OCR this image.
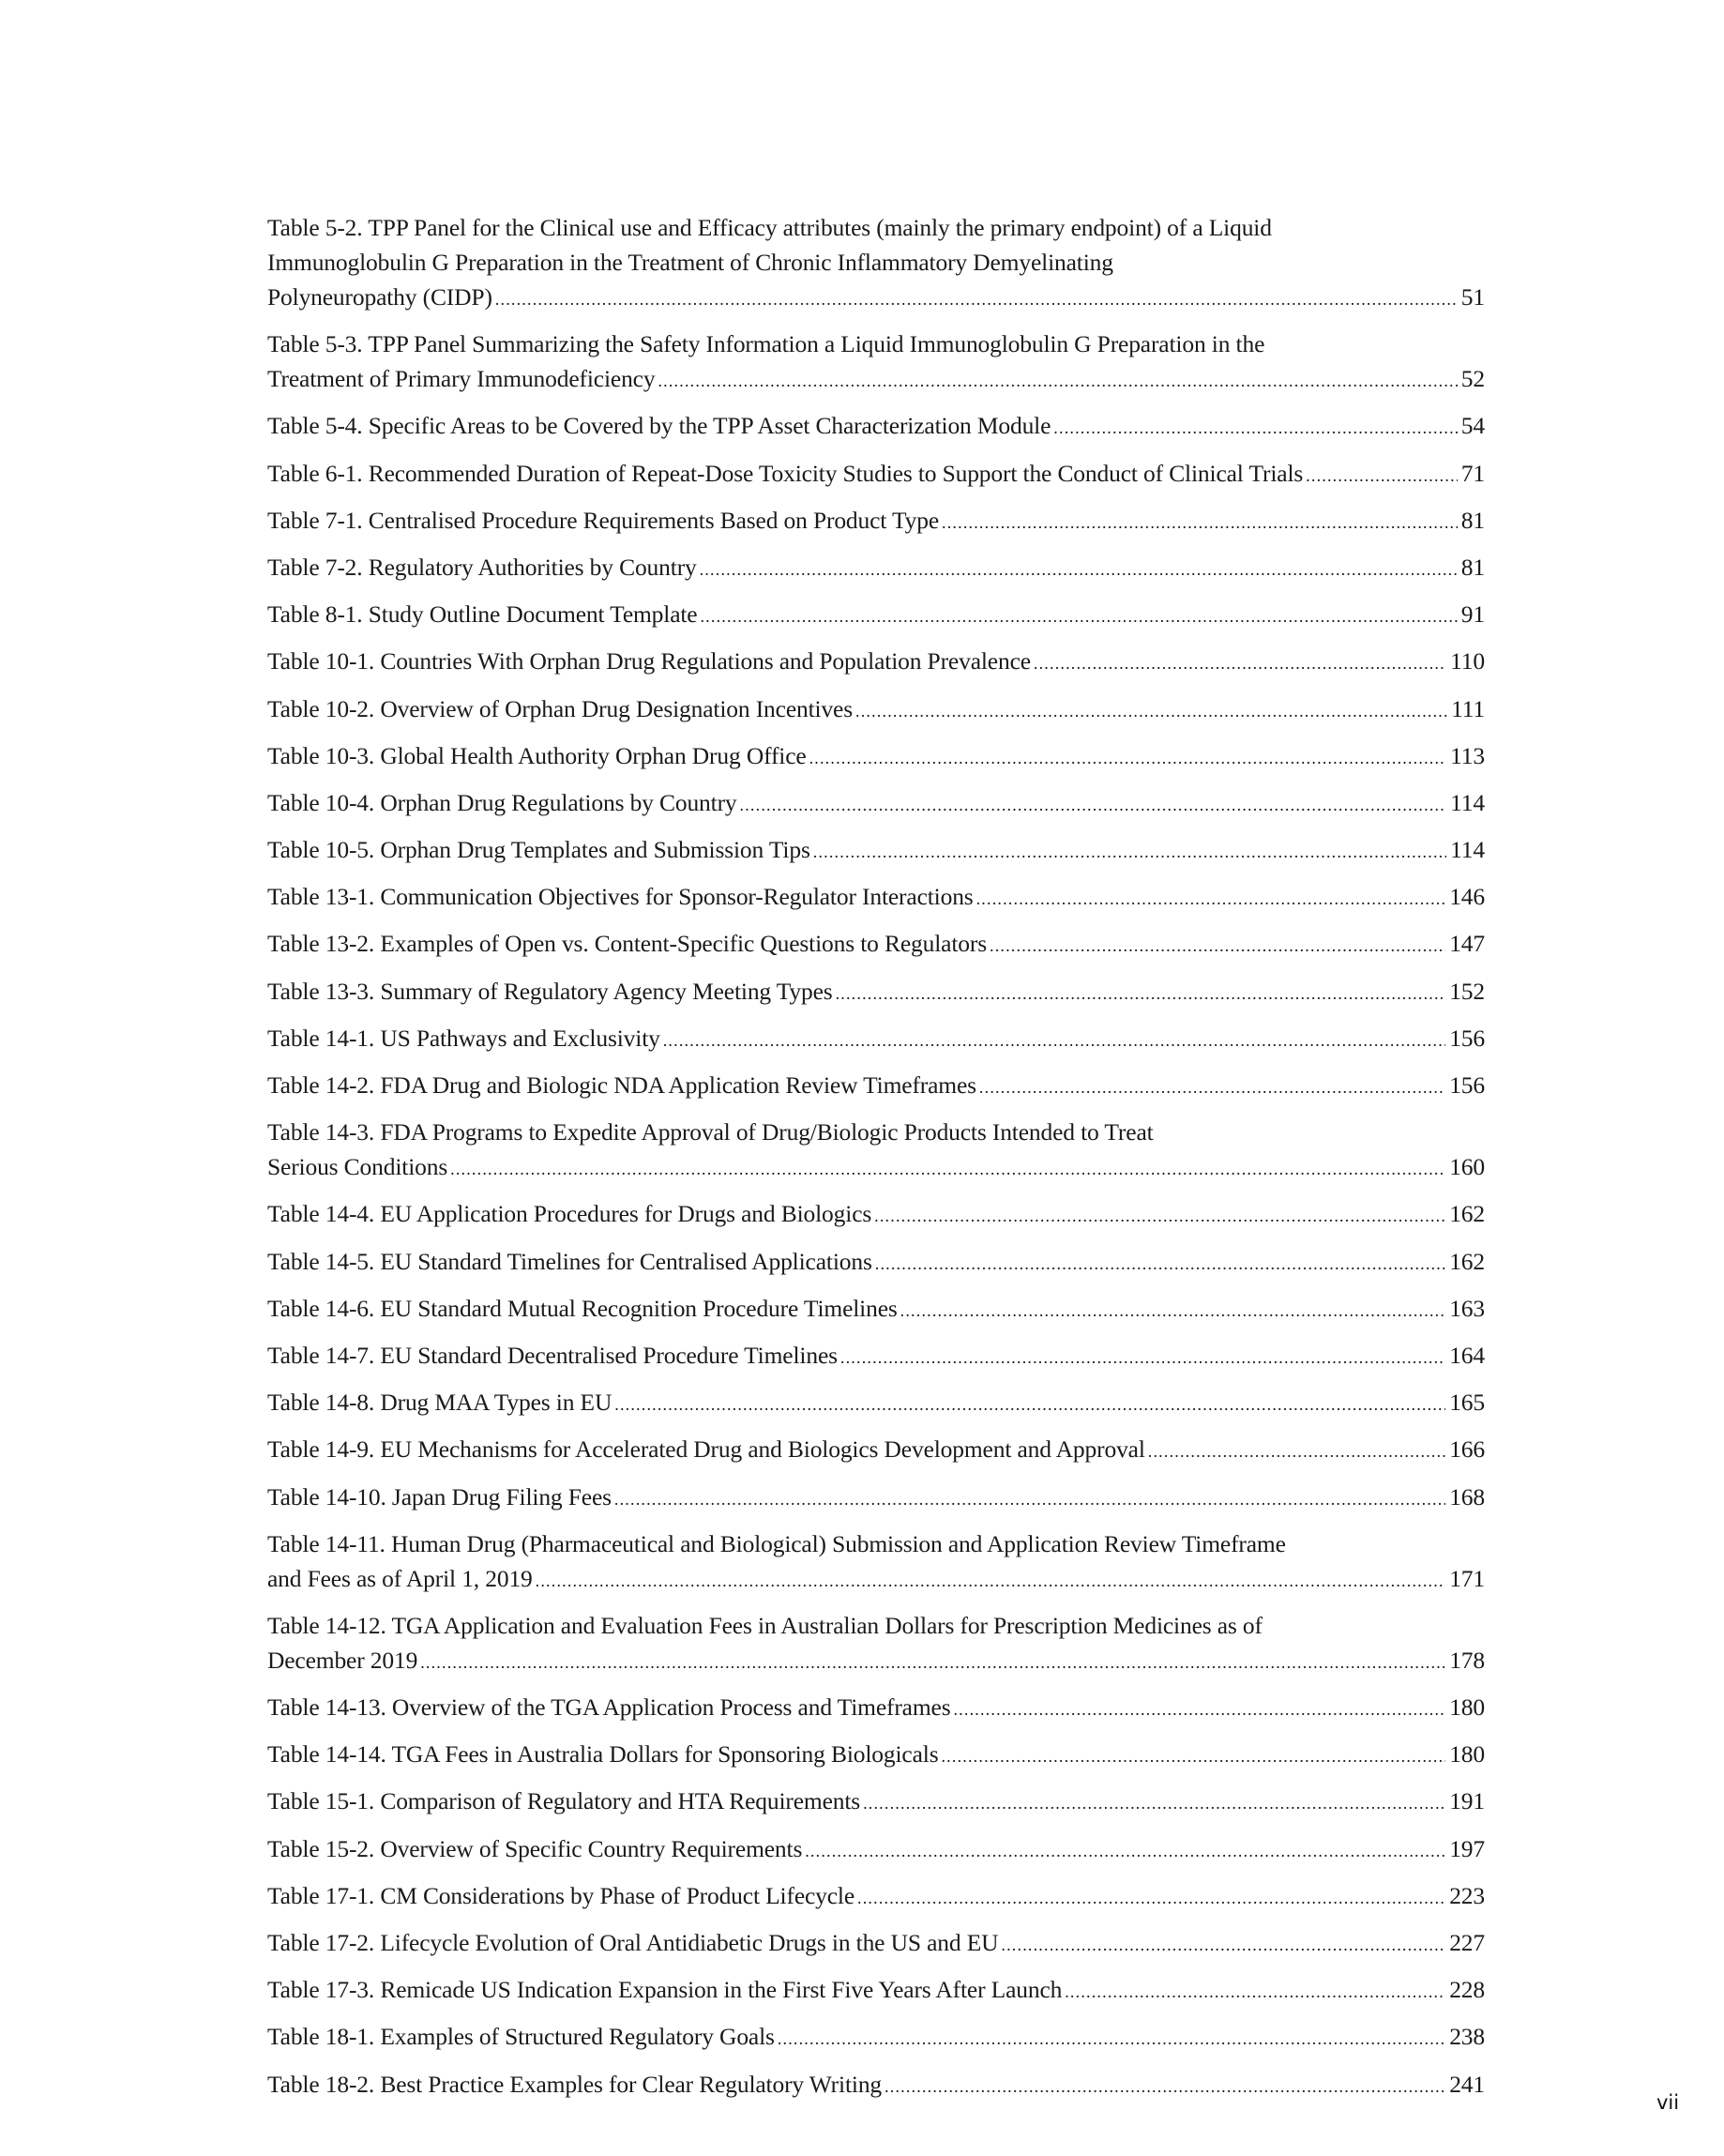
Table 5-2. TPP Panel for the Clinical use and Efficacy attributes (mainly the primary endpoint) of a Liquid
Immunoglobulin G Preparation in the Treatment of Chronic Inflammatory Demyelinating
Polyneuropathy (CIDP) .....	51
Table 5-3. TPP Panel Summarizing the Safety Information a Liquid Immunoglobulin G Preparation in the
Treatment of Primary Immunodeficiency .....	52
Table 5-4. Specific Areas to be Covered by the TPP Asset Characterization Module .....	54
Table 6-1. Recommended Duration of Repeat-Dose Toxicity Studies to Support the Conduct of Clinical Trials .....	71
Table 7-1. Centralised Procedure Requirements Based on Product Type .....	81
Table 7-2. Regulatory Authorities by Country .....	81
Table 8-1. Study Outline Document Template .....	91
Table 10-1. Countries With Orphan Drug Regulations and Population Prevalence .....	110
Table 10-2. Overview of Orphan Drug Designation Incentives .....	111
Table 10-3. Global Health Authority Orphan Drug Office .....	113
Table 10-4. Orphan Drug Regulations by Country .....	114
Table 10-5. Orphan Drug Templates and Submission Tips .....	114
Table 13-1. Communication Objectives for Sponsor-Regulator Interactions .....	146
Table 13-2. Examples of Open vs. Content-Specific Questions to Regulators .....	147
Table 13-3. Summary of Regulatory Agency Meeting Types .....	152
Table 14-1. US Pathways and Exclusivity .....	156
Table 14-2. FDA Drug and Biologic NDA Application Review Timeframes .....	156
Table 14-3. FDA Programs to Expedite Approval of Drug/Biologic Products Intended to Treat
Serious Conditions .....	160
Table 14-4. EU Application Procedures for Drugs and Biologics .....	162
Table 14-5. EU Standard Timelines for Centralised Applications .....	162
Table 14-6. EU Standard Mutual Recognition Procedure Timelines .....	163
Table 14-7. EU Standard Decentralised Procedure Timelines .....	164
Table 14-8. Drug MAA Types in EU .....	165
Table 14-9. EU Mechanisms for Accelerated Drug and Biologics Development and Approval .....	166
Table 14-10. Japan Drug Filing Fees .....	168
Table 14-11. Human Drug (Pharmaceutical and Biological) Submission and Application Review Timeframe
and Fees as of April 1, 2019 .....	171
Table 14-12. TGA Application and Evaluation Fees in Australian Dollars for Prescription Medicines as of
December 2019 .....	178
Table 14-13. Overview of the TGA Application Process and Timeframes .....	180
Table 14-14. TGA Fees in Australia Dollars for Sponsoring Biologicals .....	180
Table 15-1. Comparison of Regulatory and HTA Requirements .....	191
Table 15-2. Overview of Specific Country Requirements .....	197
Table 17-1. CM Considerations by Phase of Product Lifecycle .....	223
Table 17-2. Lifecycle Evolution of Oral Antidiabetic Drugs in the US and EU .....	227
Table 17-3. Remicade US Indication Expansion in the First Five Years After Launch .....	228
Table 18-1. Examples of Structured Regulatory Goals .....	238
Table 18-2. Best Practice Examples for Clear Regulatory Writing .....	241
vii
